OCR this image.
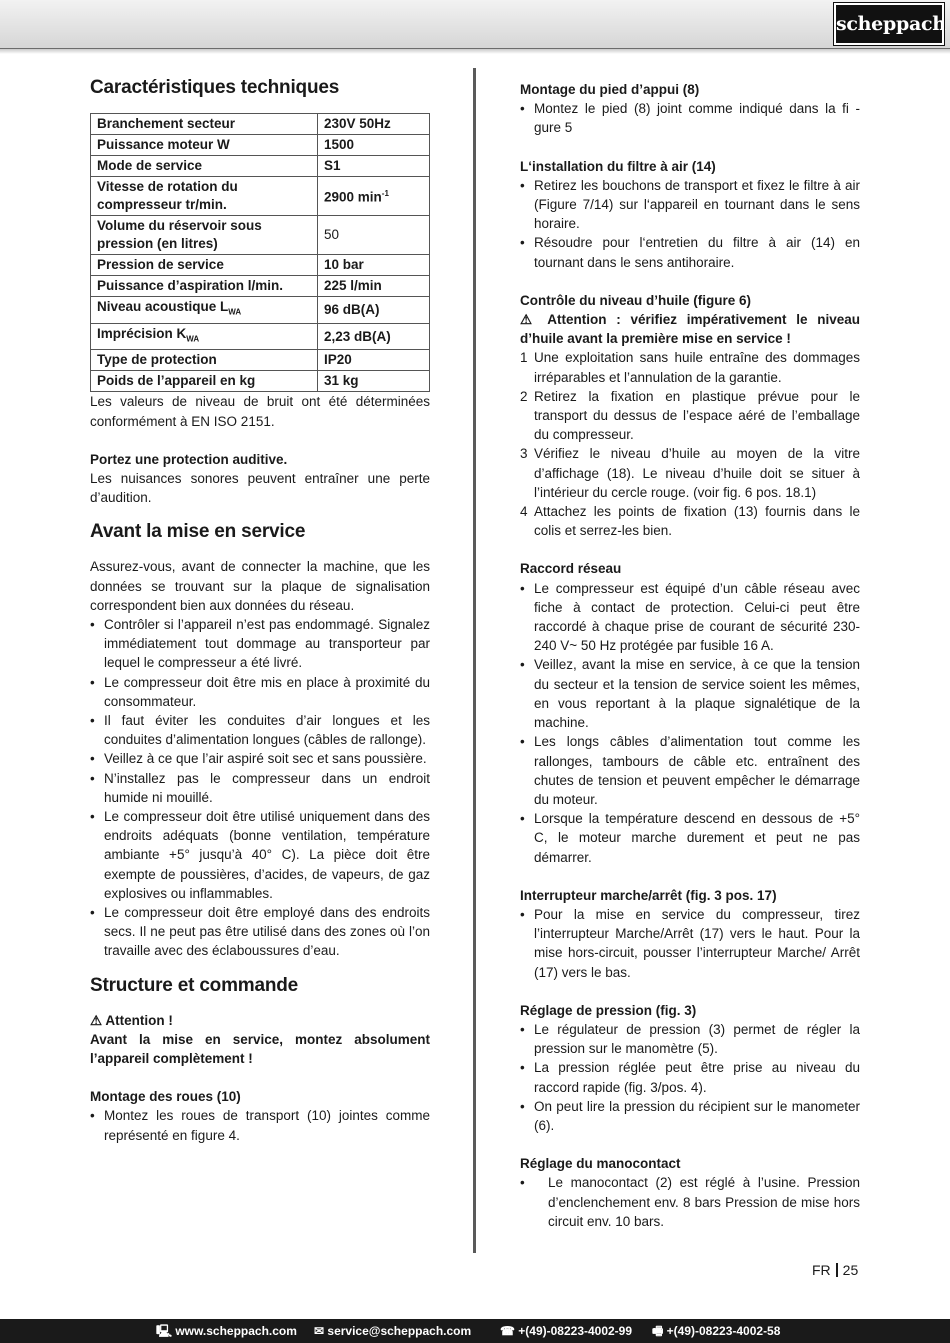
scheppach
Caractéristiques techniques
Branchement secteur	230V 50Hz
Puissance moteur W	1500
Mode de service	S1
Vitesse de rotation du compresseur tr/min.	2900 $\min^{-1}$
Volume du réservoir sous pression (en litres)	50
Pression de service	10 bar
Puissance d’aspiration l/min.	225 l/min
Niveau acoustique $L_{WA}$	96 dB(A)
Imprécision $K_{WA}$	2,23 dB(A)
Type de protection	IP20
Poids de l’appareil en kg	31 kg

Les valeurs de niveau de bruit ont été déterminées conformément à EN ISO 2151.

Portez une protection auditive.

Les nuisances sonores peuvent entraîner une perte d’audition.

Avant la mise en service

Assurez-vous, avant de connecter la machine, que les données se trouvant sur la plaque de signalisation correspondent bien aux données du réseau.

• Contrôler si l’appareil n’est pas endommagé. Signalez immédiatement tout dommage au transporteur par lequel le compresseur a été livré.
• Le compresseur doit être mis en place à proximité du consommateur.
• Il faut éviter les conduites d’air longues et les conduites d’alimentation longues (câbles de rallonge).
• Veillez à ce que l’air aspiré soit sec et sans poussière.
• N’installez pas le compresseur dans un endroit humide ni mouillé.
• Le compresseur doit être utilisé uniquement dans des endroits adéquats (bonne ventilation, température ambiante +5° jusqu’à 40° C). La pièce doit être exempte de poussières, d’acides, de vapeurs, de gaz explosives ou inflammables.
• Le compresseur doit être employé dans des endroits secs. Il ne peut pas être utilisé dans des zones où l’on travaille avec des éclaboussures d’eau.
Structure et commande

⚠ Attention !

Avant la mise en service, montez absolument l’appareil complètement !

Montage des roues (10)

• Montez les roues de transport (10) jointes comme représenté en figure 4.

Montage du pied d’appui (8)

• Montez le pied (8) joint comme indiqué dans la fi - gure 5

L‘installation du filtre à air (14)

• Retirez les bouchons de transport et fixez le filtre à air (Figure 7/14) sur l‘appareil en tournant dans le sens horaire.
• Résoudre pour l‘entretien du filtre à air (14) en tournant dans le sens antihoraire.

Contrôle du niveau d’huile (figure 6)

⚠ Attention : vérifiez impérativement le niveau d’huile avant la première mise en service !

1 Une exploitation sans huile entraîne des dommages irréparables et l’annulation de la garantie.
2 Retirez la fixation en plastique prévue pour le transport du dessus de l’espace aéré de l’emballage du compresseur.
3 Vérifiez le niveau d’huile au moyen de la vitre d’affichage (18). Le niveau d’huile doit se situer à l’intérieur du cercle rouge. (voir fig. 6 pos. 18.1)
4 Attachez les points de fixation (13) fournis dans le colis et serrez-les bien.

Raccord réseau

• Le compresseur est équipé d’un câble réseau avec fiche à contact de protection. Celui-ci peut être raccordé à chaque prise de courant de sécurité 230-240 V~ 50 Hz protégée par fusible 16 A.
• Veillez, avant la mise en service, à ce que la tension du secteur et la tension de service soient les mêmes, en vous reportant à la plaque signalétique de la machine.
• Les longs câbles d’alimentation tout comme les rallonges, tambours de câble etc. entraînent des chutes de tension et peuvent empêcher le démarrage du moteur.
• Lorsque la température descend en dessous de +5° C, le moteur marche durement et peut ne pas démarrer.

Interrupteur marche/arrêt (fig. 3 pos. 17)

• Pour la mise en service du compresseur, tirez l’interrupteur Marche/Arrêt (17) vers le haut. Pour la mise hors-circuit, pousser l’interrupteur Marche/ Arrêt (17) vers le bas.

Réglage de pression (fig. 3)

• Le régulateur de pression (3) permet de régler la pression sur le manomètre (5).
• La pression réglée peut être prise au niveau du raccord rapide (fig. 3/pos. 4).
• On peut lire la pression du récipient sur le manometer (6).

Réglage du manocontact

• Le manocontact (2) est réglé à l’usine. Pression d’enclenchement env. 8 bars Pression de mise hors circuit env. 10 bars.
FR 25
🖳 www.scheppach.com ✉ service@scheppach.com ☎ +(49)-08223-4002-99 🖷 +(49)-08223-4002-58
